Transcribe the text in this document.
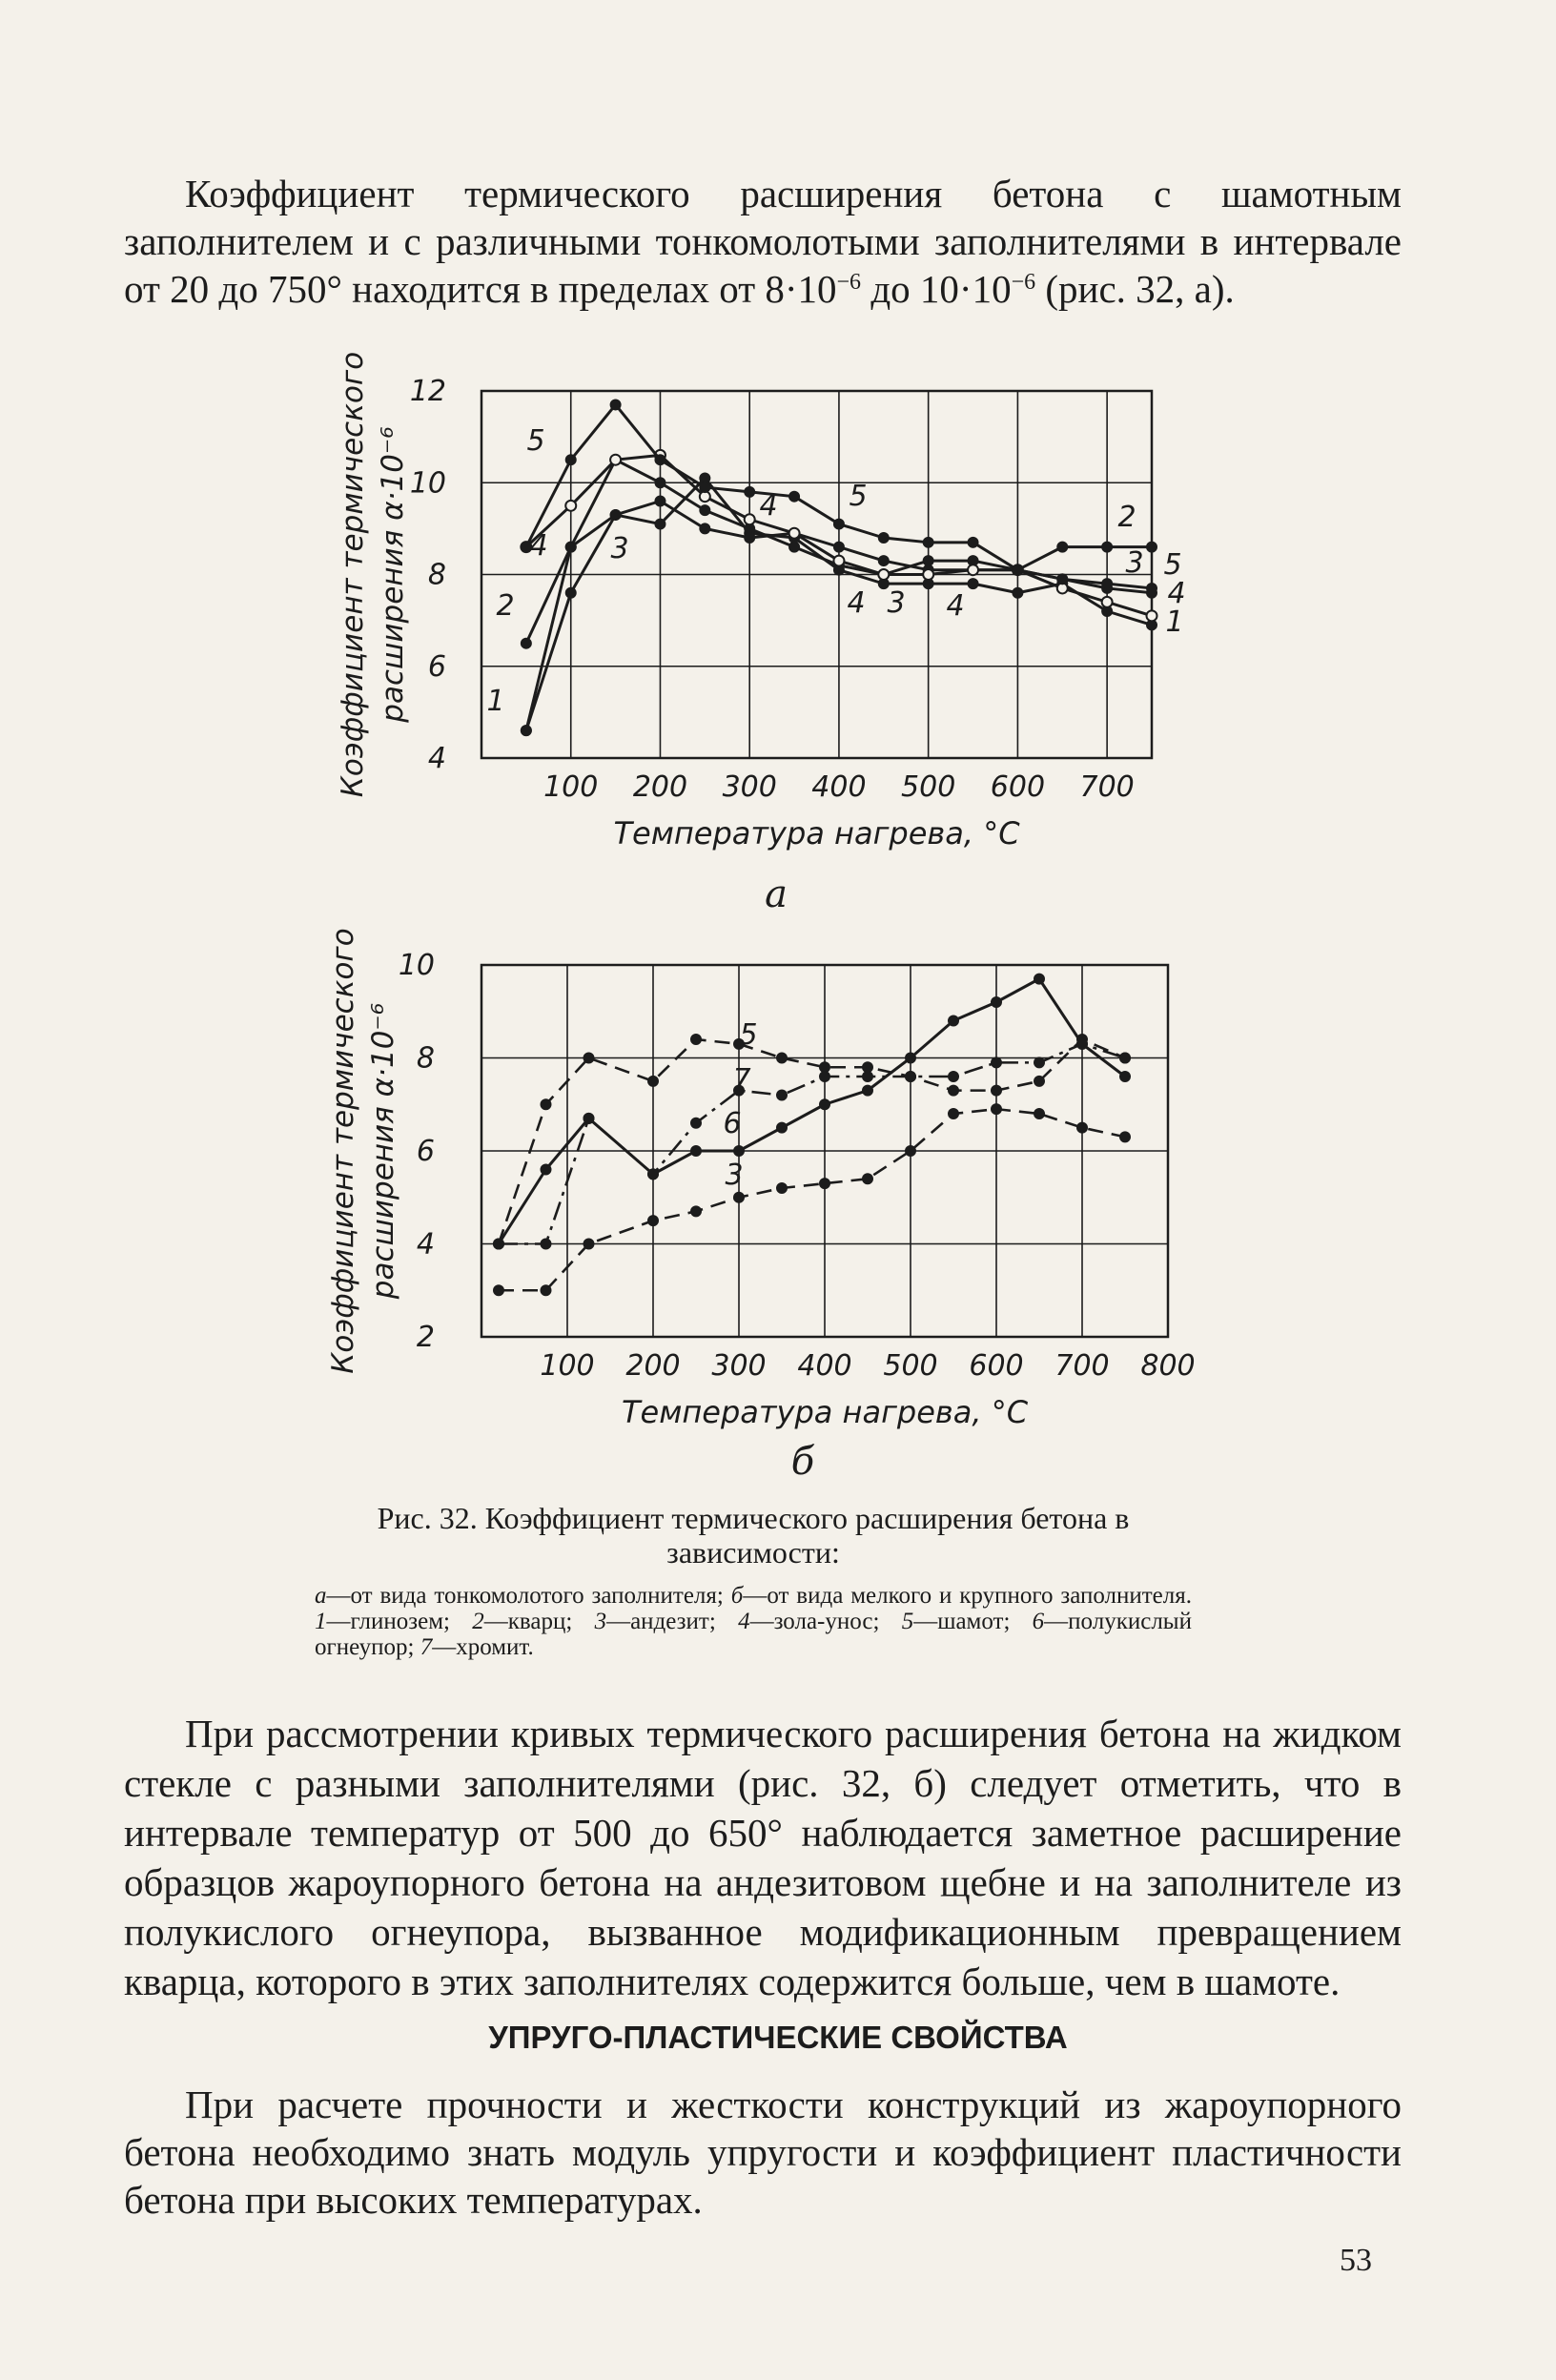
Коэффициент термического расширения бетона с шамотным заполнителем и с различными тонкомолотыми заполнителями в интервале от 20 до 750° находится в пределах от $8\cdot 10^{-6}$ до $10\cdot 10^{-6}$ (рис. 32, а).

100 200 300 400 500 600 700
4
6
8
10
12
Температура нагрева, °С
Коэффициент термического расширения α·10⁻⁶	5
4 3
2
1
4 5
4 3 4
2
3 5
4
1
100 200 300 400 500 600 700 800
2
4
6
8
10
Температура нагрева, °С
Коэффициент термического расширения α·10⁻⁶	5
7
6
3
а
б

Рис. 32. Коэффициент термического расширения бетона в зависимости:

а—от вида тонкомолотого заполнителя; б—от вида мелкого и крупного заполнителя. 1—глинозем; 2—кварц; 3—андезит; 4—зола-унос; 5—шамот; 6—полукислый огнеупор; 7—хромит.

При рассмотрении кривых термического расширения бетона на жидком стекле с разными заполнителями (рис. 32, б) следует отметить, что в интервале температур от 500 до 650° наблюдается заметное расширение образцов жароупорного бетона на андезитовом щебне и на заполнителе из полукислого огнеупора, вызванное модификационным превращением кварца, которого в этих заполнителях содержится больше, чем в шамоте.

УПРУГО-ПЛАСТИЧЕСКИЕ СВОЙСТВА

При расчете прочности и жесткости конструкций из жароупорного бетона необходимо знать модуль упругости и коэффициент пластичности бетона при высоких температурах.

53
